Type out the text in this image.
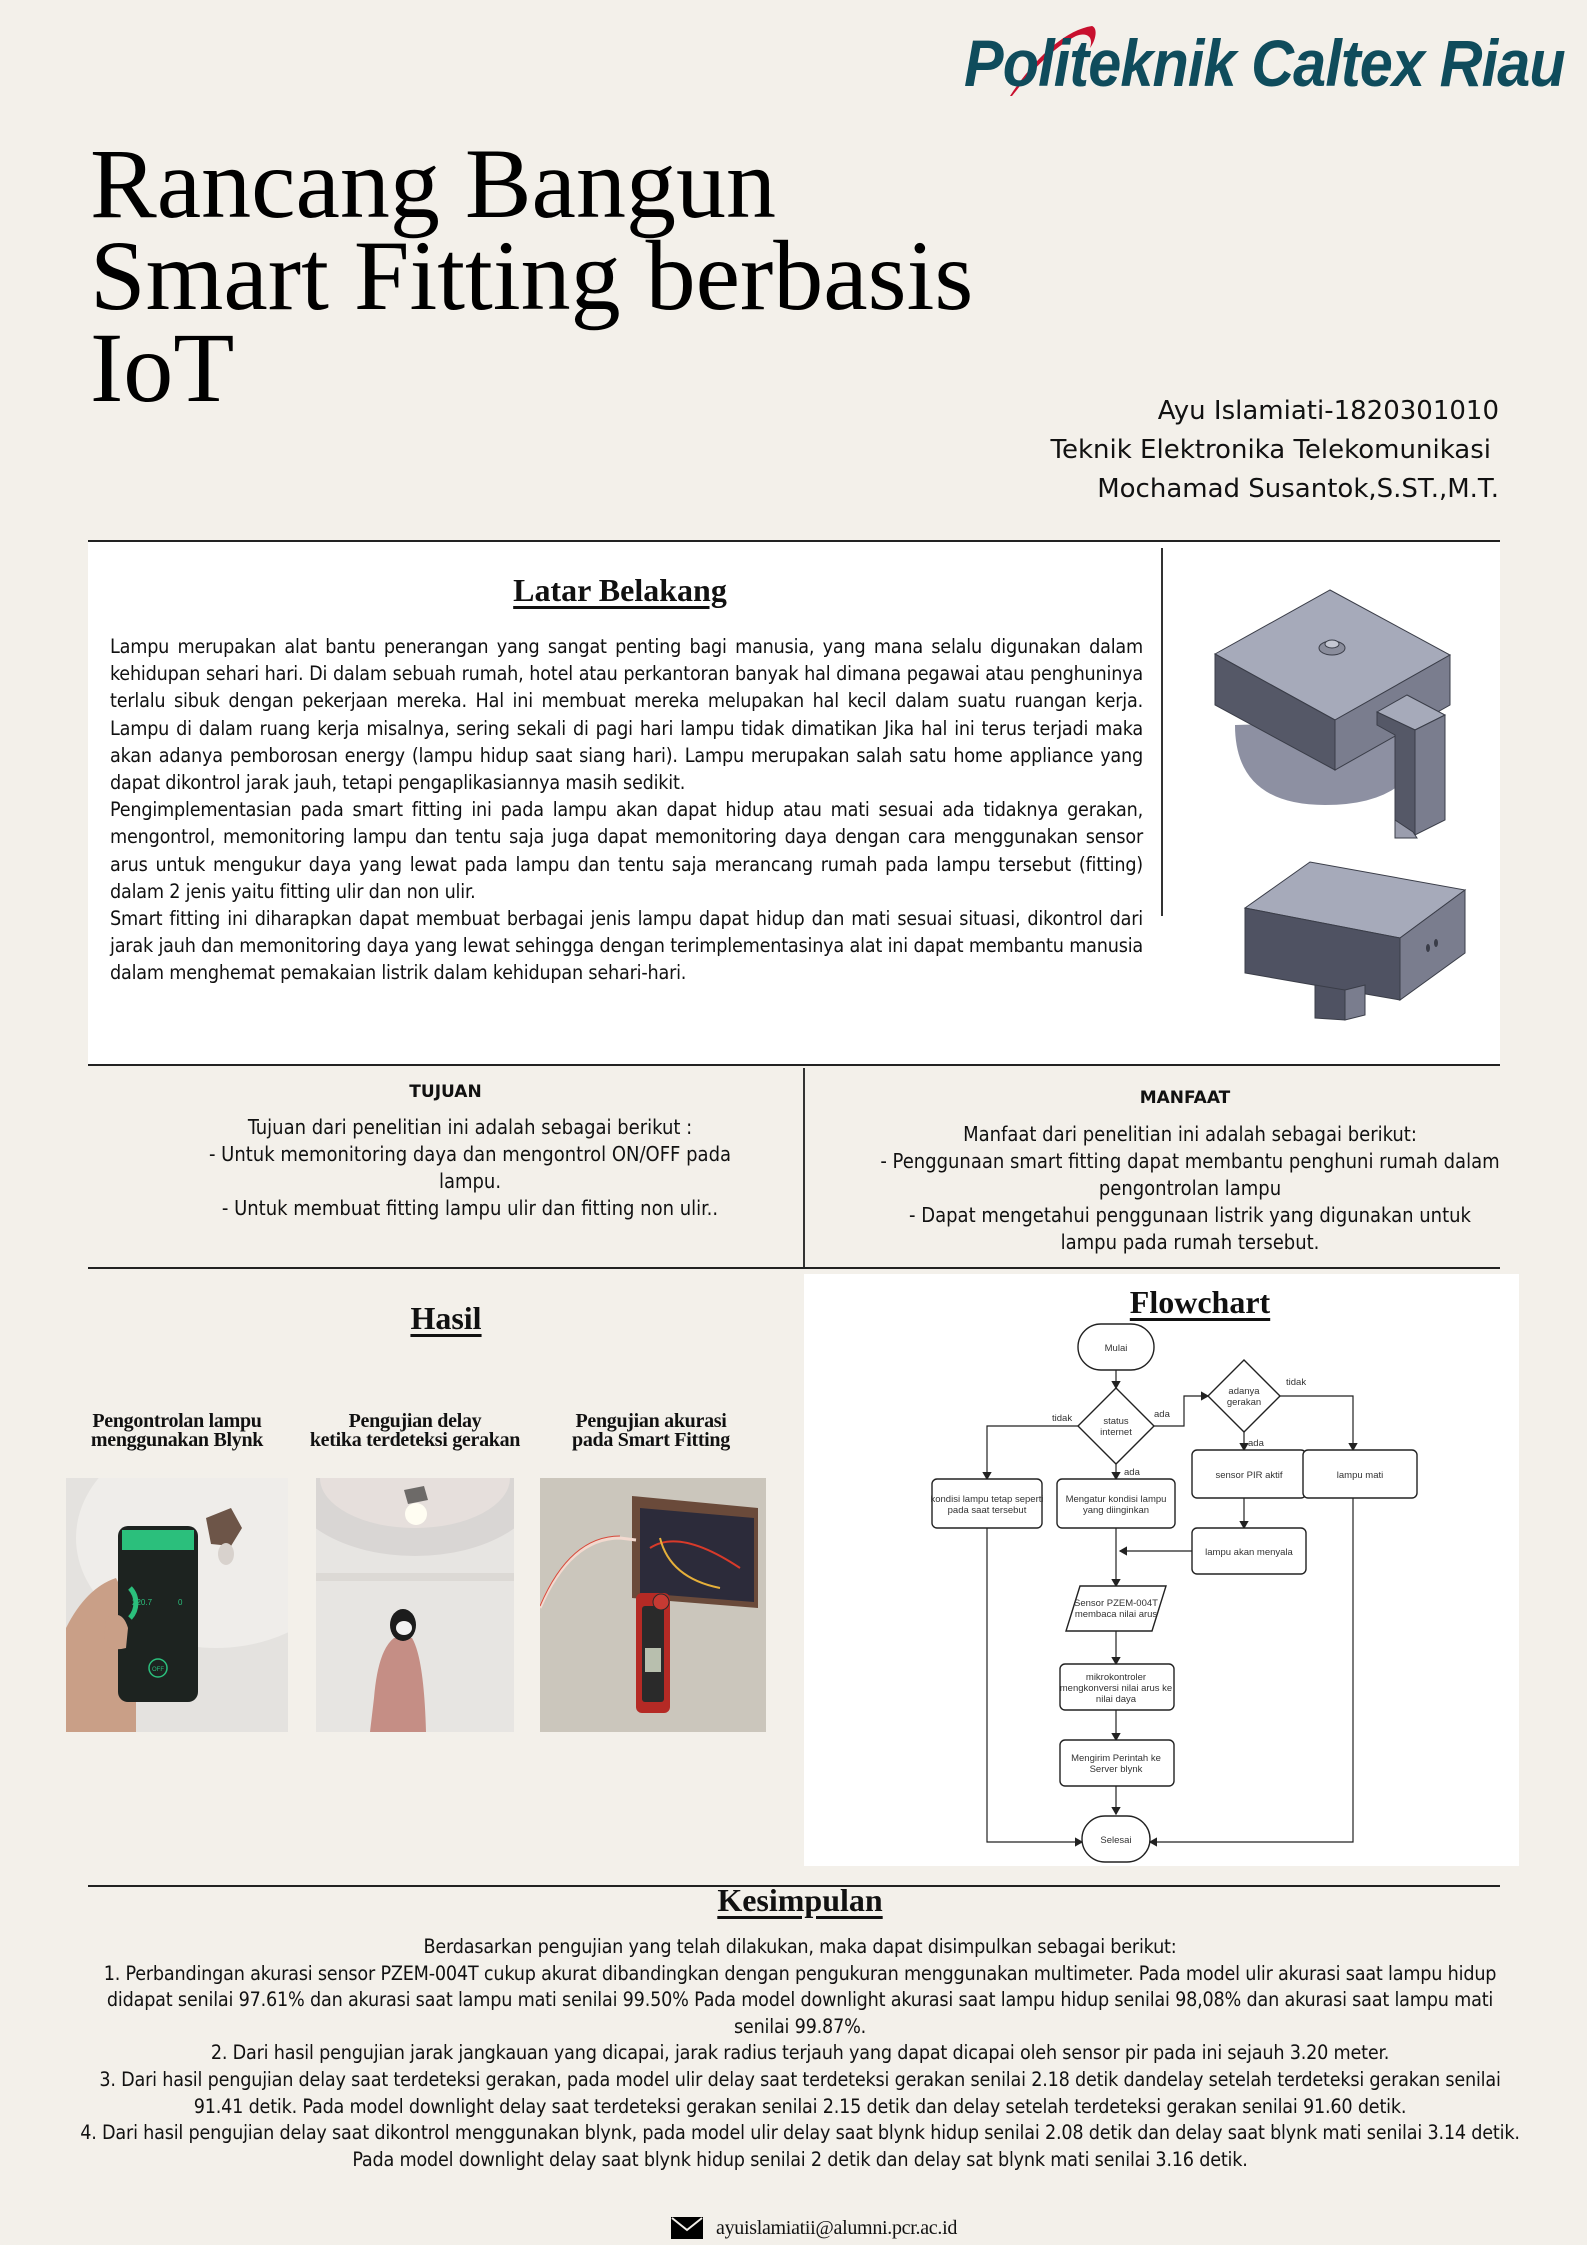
Politeknik Caltex Riau
Rancang Bangun
Smart Fitting berbasis
IoT	Ayu Islamiati-1820301010
Teknik Elektronika Telekomunikasi
Mochamad Susantok,S.ST.,M.T.
Latar Belakang

Lampu merupakan alat bantu penerangan yang sangat penting bagi manusia, yang mana selalu digunakan dalam kehidupan sehari hari. Di dalam sebuah rumah, hotel atau perkantoran banyak hal dimana pegawai atau penghuninya terlalu sibuk dengan pekerjaan mereka. Hal ini membuat mereka melupakan hal kecil dalam suatu ruangan kerja. Lampu di dalam ruang kerja misalnya, sering sekali di pagi hari lampu tidak dimatikan Jika hal ini terus terjadi maka akan adanya pemborosan energy (lampu hidup saat siang hari). Lampu merupakan salah satu home appliance yang dapat dikontrol jarak jauh, tetapi pengaplikasiannya masih sedikit.

Pengimplementasian pada smart fitting ini pada lampu akan dapat hidup atau mati sesuai ada tidaknya gerakan, mengontrol, memonitoring lampu dan tentu saja juga dapat memonitoring daya dengan cara menggunakan sensor arus untuk mengukur daya yang lewat pada lampu dan tentu saja merancang rumah pada lampu tersebut (fitting) dalam 2 jenis yaitu fitting ulir dan non ulir.

Smart fitting ini diharapkan dapat membuat berbagai jenis lampu dapat hidup dan mati sesuai situasi, dikontrol dari jarak jauh dan memonitoring daya yang lewat sehingga dengan terimplementasinya alat ini dapat membantu manusia dalam menghemat pemakaian listrik dalam kehidupan sehari-hari.

TUJUAN
Tujuan dari penelitian ini adalah sebagai berikut :
- Untuk memonitoring daya dan mengontrol ON/OFF pada lampu.
- Untuk membuat fitting lampu ulir dan fitting non ulir..
MANFAAT
Manfaat dari penelitian ini adalah sebagai berikut:
- Penggunaan smart fitting dapat membantu penghuni rumah dalam pengontrolan lampu
- Dapat mengetahui penggunaan listrik yang digunakan untuk lampu pada rumah tersebut.
Hasil
Pengontrolan lampu
menggunakan Blynk
Pengujian delay
ketika terdeteksi gerakan
Pengujian akurasi
pada Smart Fitting
220.7	0
OFF
Flowchart
Mulai
status
internet
adanya
gerakan
kondisi lampu tetap seperti
pada saat tersebut
Mengatur kondisi lampu
yang diinginkan
sensor PIR aktif	lampu mati
lampu akan menyala
Sensor PZEM-004T
membaca nilai arus
mikrokontroler
mengkonversi nilai arus ke
nilai daya
Mengirim Perintah ke
Server blynk
Selesai
tidak	ada
ada
tidak
ada
Kesimpulan

Berdasarkan pengujian yang telah dilakukan, maka dapat disimpulkan sebagai berikut:

1. Perbandingan akurasi sensor PZEM-004T cukup akurat dibandingkan dengan pengukuran menggunakan multimeter. Pada model ulir akurasi saat lampu hidup didapat senilai 97.61% dan akurasi saat lampu mati senilai 99.50% Pada model downlight akurasi saat lampu hidup senilai 98,08% dan akurasi saat lampu mati senilai 99.87%.

2. Dari hasil pengujian jarak jangkauan yang dicapai, jarak radius terjauh yang dapat dicapai oleh sensor pir pada ini sejauh 3.20 meter.

3. Dari hasil pengujian delay saat terdeteksi gerakan, pada model ulir delay saat terdeteksi gerakan senilai 2.18 detik dandelay setelah terdeteksi gerakan senilai 91.41 detik. Pada model downlight delay saat terdeteksi gerakan senilai 2.15 detik dan delay setelah terdeteksi gerakan senilai 91.60 detik.

4. Dari hasil pengujian delay saat dikontrol menggunakan blynk, pada model ulir delay saat blynk hidup senilai 2.08 detik dan delay saat blynk mati senilai 3.14 detik. Pada model downlight delay saat blynk hidup senilai 2 detik dan delay sat blynk mati senilai 3.16 detik.

ayuislamiatii@alumni.pcr.ac.id
